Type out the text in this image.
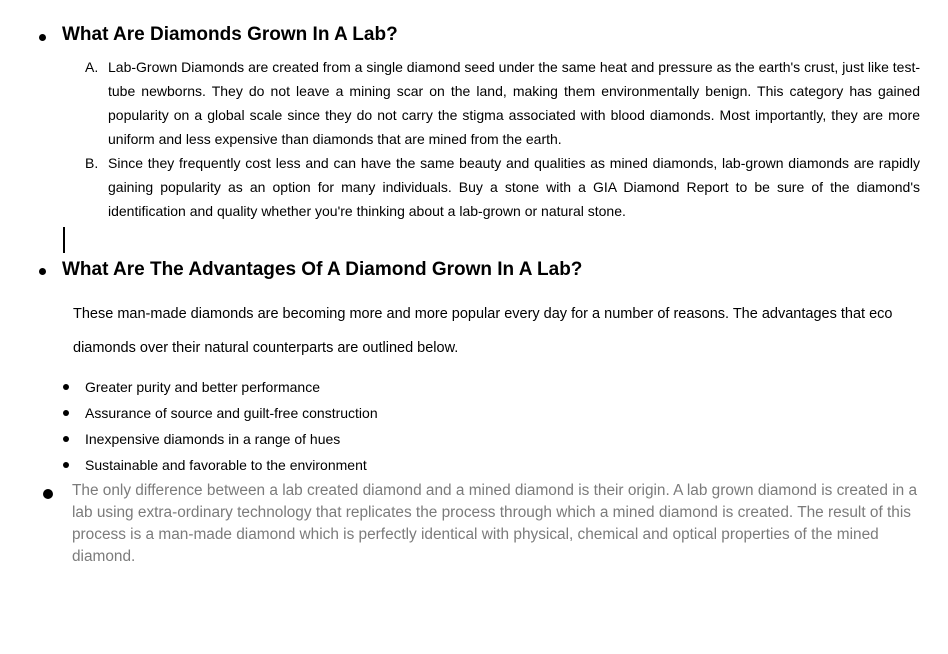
What Are Diamonds Grown In A Lab?
A. Lab-Grown Diamonds are created from a single diamond seed under the same heat and pressure as the earth's crust, just like test-tube newborns. They do not leave a mining scar on the land, making them environmentally benign. This category has gained popularity on a global scale since they do not carry the stigma associated with blood diamonds. Most importantly, they are more uniform and less expensive than diamonds that are mined from the earth.
B. Since they frequently cost less and can have the same beauty and qualities as mined diamonds, lab-grown diamonds are rapidly gaining popularity as an option for many individuals. Buy a stone with a GIA Diamond Report to be sure of the diamond's identification and quality whether you're thinking about a lab-grown or natural stone.
What Are The Advantages Of A Diamond Grown In A Lab?
These man-made diamonds are becoming more and more popular every day for a number of reasons. The advantages that eco
diamonds over their natural counterparts are outlined below.
Greater purity and better performance
Assurance of source and guilt-free construction
Inexpensive diamonds in a range of hues
Sustainable and favorable to the environment
The only difference between a lab created diamond and a mined diamond is their origin. A lab grown diamond is created in a lab using extra-ordinary technology that replicates the process through which a mined diamond is created. The result of this process is a man-made diamond which is perfectly identical with physical, chemical and optical properties of the mined diamond.
